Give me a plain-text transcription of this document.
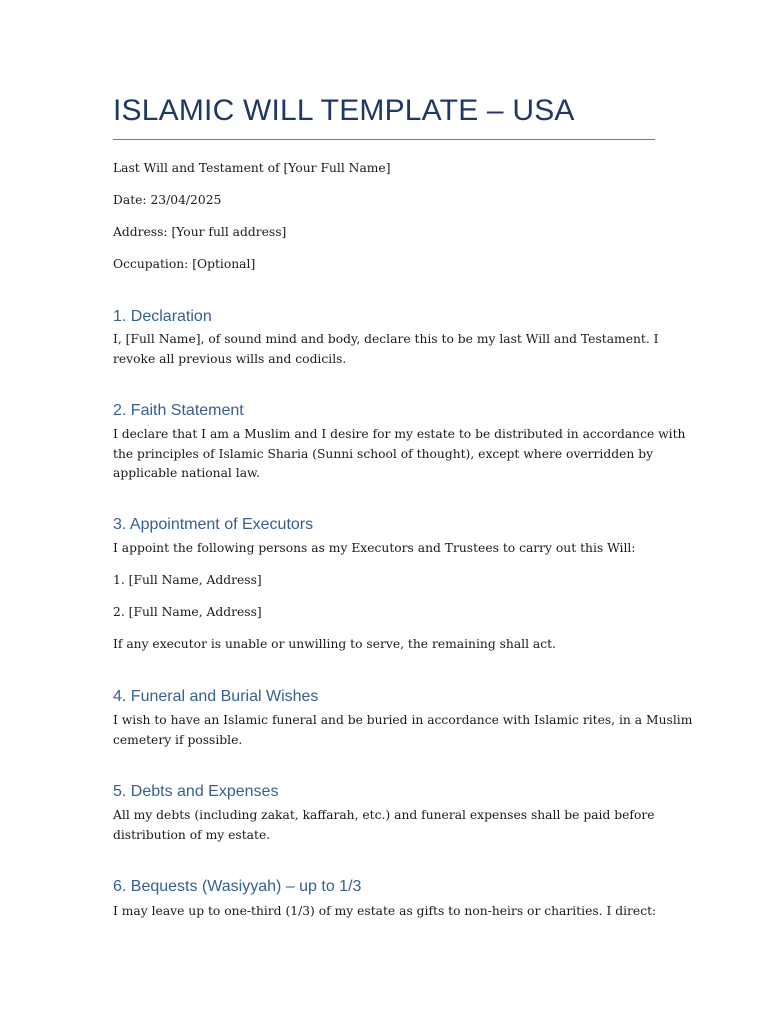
ISLAMIC WILL TEMPLATE – USA

Last Will and Testament of [Your Full Name]

Date: 23/04/2025

Address: [Your full address]

Occupation: [Optional]

1. Declaration

I, [Full Name], of sound mind and body, declare this to be my last Will and Testament. I
revoke all previous wills and codicils.

2. Faith Statement

I declare that I am a Muslim and I desire for my estate to be distributed in accordance with
the principles of Islamic Sharia (Sunni school of thought), except where overridden by
applicable national law.

3. Appointment of Executors

I appoint the following persons as my Executors and Trustees to carry out this Will:

1. [Full Name, Address]

2. [Full Name, Address]

If any executor is unable or unwilling to serve, the remaining shall act.

4. Funeral and Burial Wishes

I wish to have an Islamic funeral and be buried in accordance with Islamic rites, in a Muslim
cemetery if possible.

5. Debts and Expenses

All my debts (including zakat, kaffarah, etc.) and funeral expenses shall be paid before
distribution of my estate.

6. Bequests (Wasiyyah) – up to 1/3

I may leave up to one-third (1/3) of my estate as gifts to non-heirs or charities. I direct:
